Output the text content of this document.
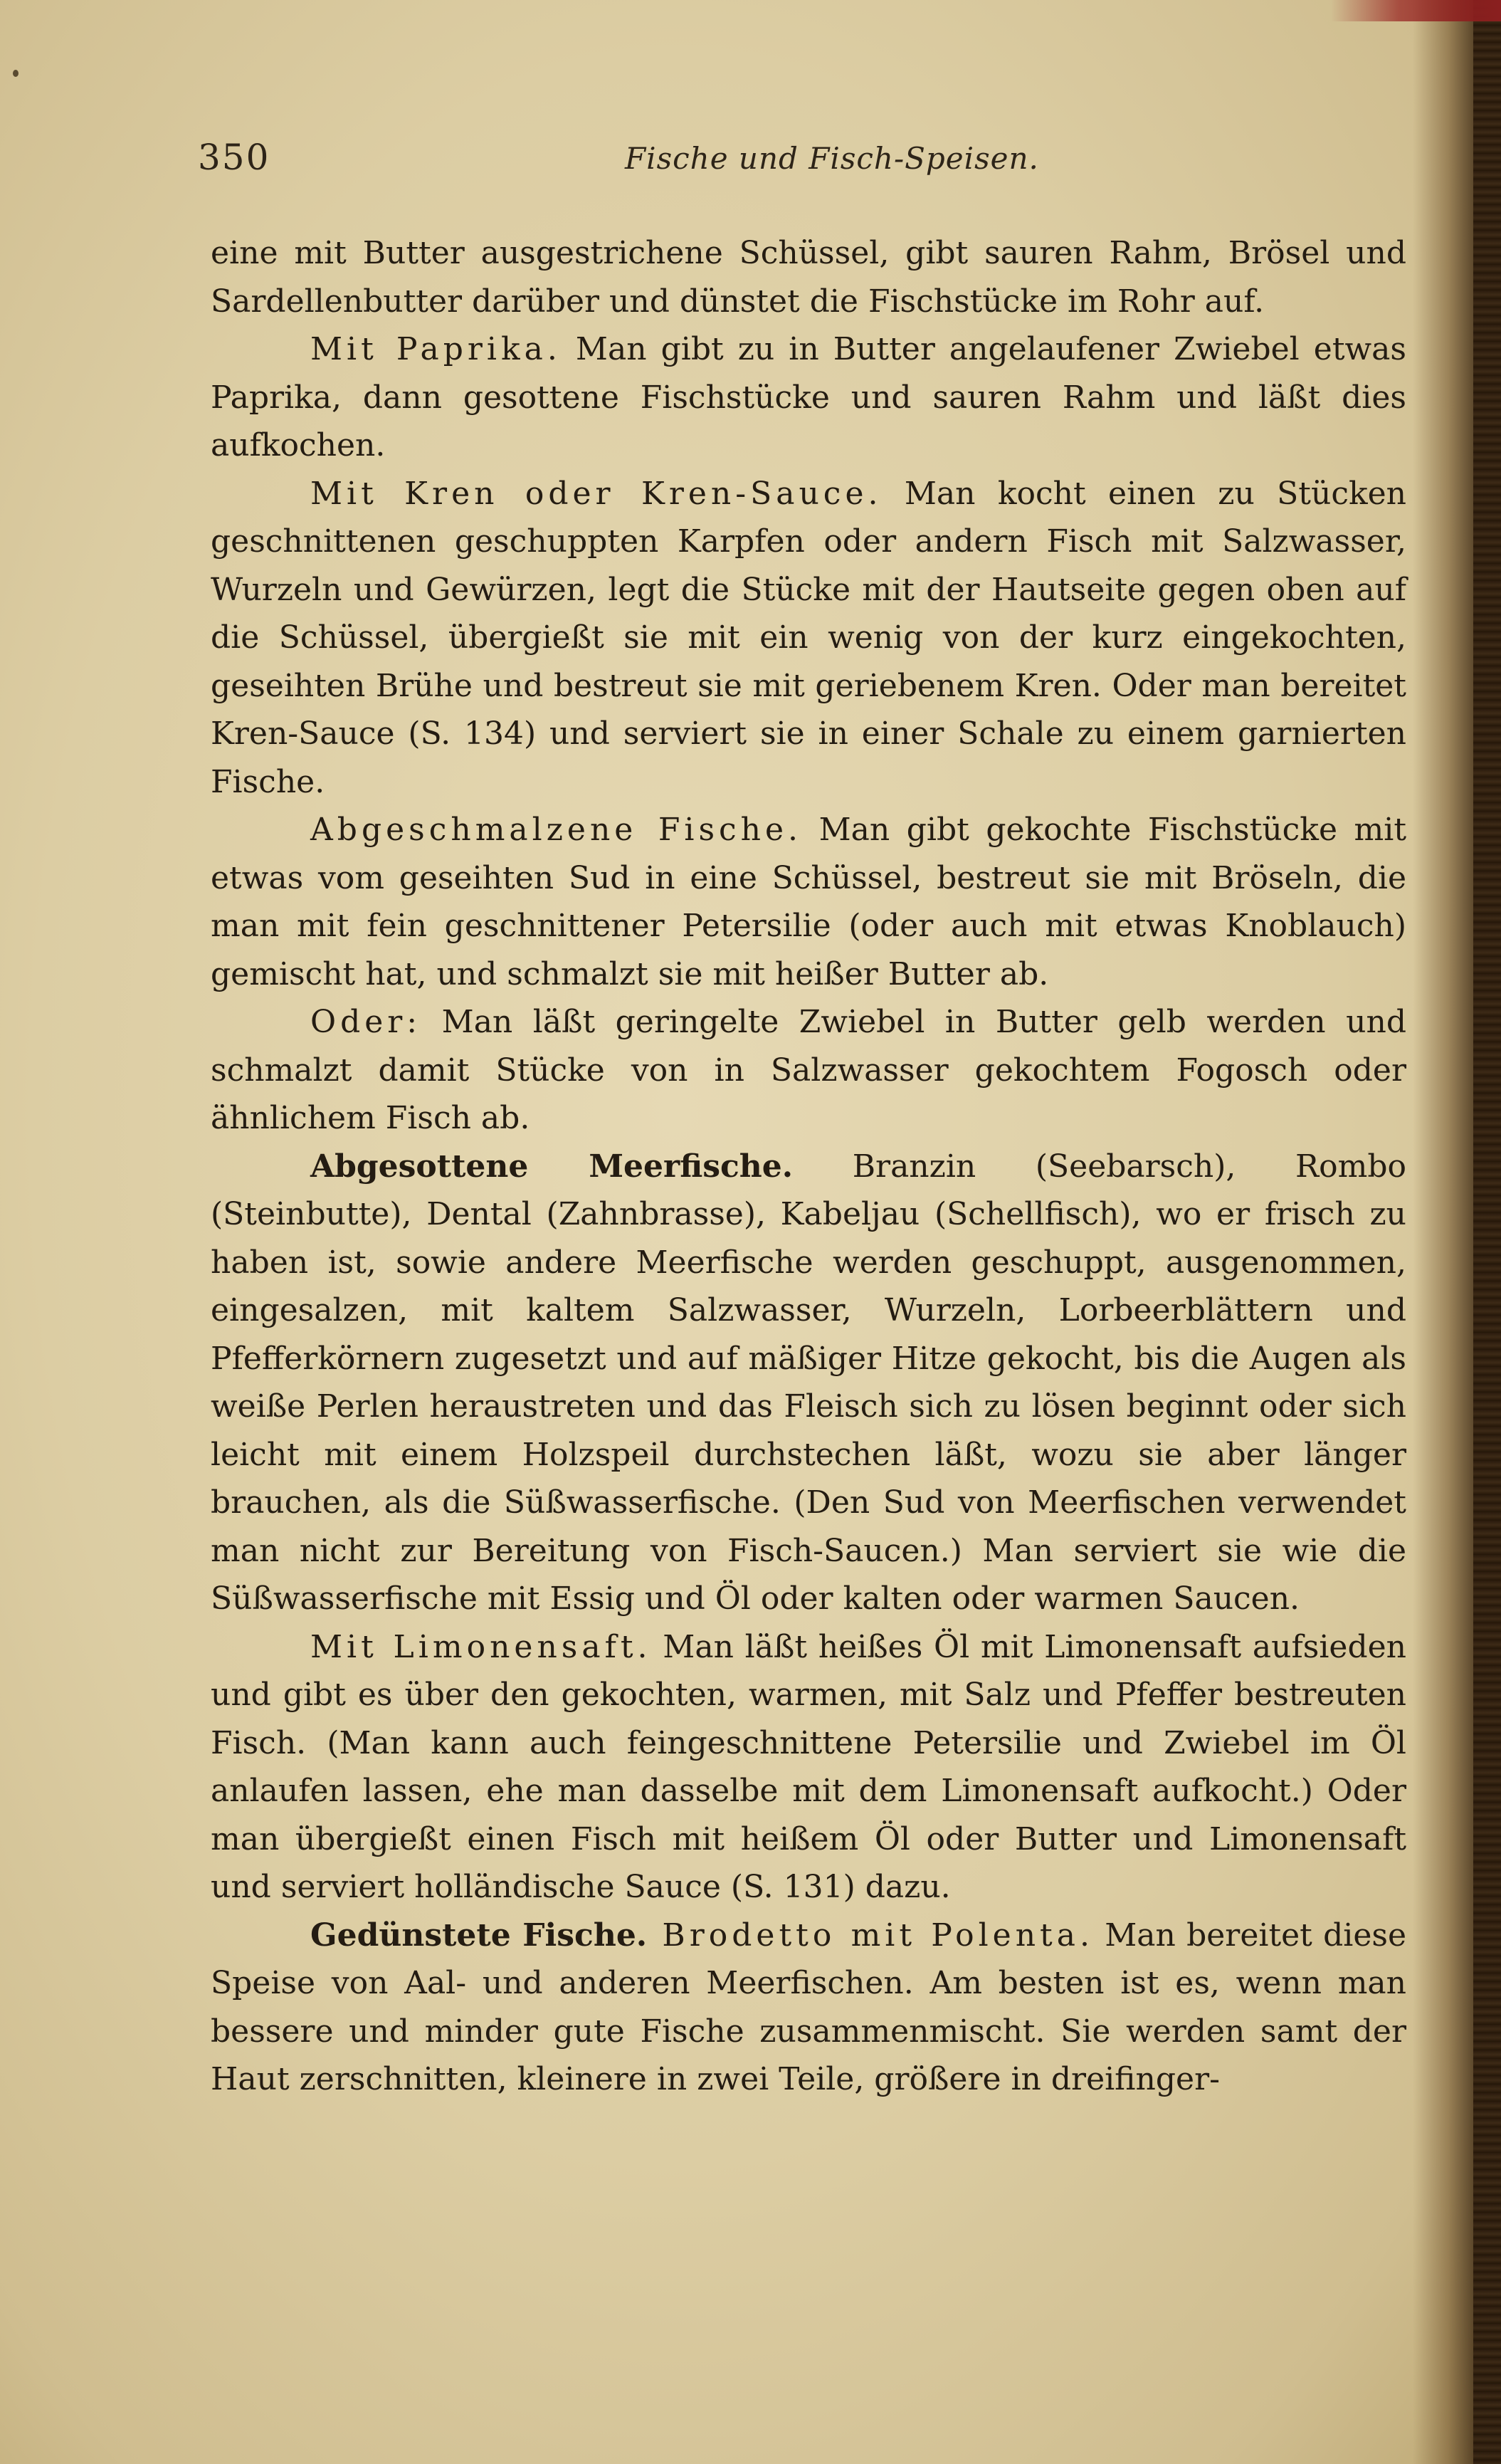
350	Fische und Fisch-Speisen.

eine mit Butter ausgestrichene Schüssel, gibt sauren Rahm, Brösel und Sardellenbutter darüber und dünstet die Fischstücke im Rohr auf.

Mit Paprika. Man gibt zu in Butter angelaufener Zwiebel etwas Paprika, dann gesottene Fischstücke und sauren Rahm und läßt dies aufkochen.

Mit Kren oder Kren-Sauce. Man kocht einen zu Stücken geschnittenen geschuppten Karpfen oder andern Fisch mit Salzwasser, Wurzeln und Gewürzen, legt die Stücke mit der Hautseite gegen oben auf die Schüssel, übergießt sie mit ein wenig von der kurz eingekochten, geseihten Brühe und bestreut sie mit geriebenem Kren. Oder man bereitet Kren-Sauce (S. 134) und serviert sie in einer Schale zu einem garnierten Fische.

Abgeschmalzene Fische. Man gibt gekochte Fischstücke mit etwas vom geseihten Sud in eine Schüssel, bestreut sie mit Bröseln, die man mit fein geschnittener Petersilie (oder auch mit etwas Knoblauch) gemischt hat, und schmalzt sie mit heißer Butter ab.

Oder: Man läßt geringelte Zwiebel in Butter gelb werden und schmalzt damit Stücke von in Salzwasser gekochtem Fogosch oder ähnlichem Fisch ab.

Abgesottene Meerfische. Branzin (Seebarsch), Rombo (Steinbutte), Dental (Zahnbrasse), Kabeljau (Schellfisch), wo er frisch zu haben ist, sowie andere Meerfische werden geschuppt, ausgenommen, eingesalzen, mit kaltem Salzwasser, Wurzeln, Lorbeerblättern und Pfefferkörnern zugesetzt und auf mäßiger Hitze gekocht, bis die Augen als weiße Perlen heraustreten und das Fleisch sich zu lösen beginnt oder sich leicht mit einem Holzspeil durchstechen läßt, wozu sie aber länger brauchen, als die Süßwasserfische. (Den Sud von Meerfischen verwendet man nicht zur Bereitung von Fisch-Saucen.) Man serviert sie wie die Süßwasserfische mit Essig und Öl oder kalten oder warmen Saucen.

Mit Limonensaft. Man läßt heißes Öl mit Limonensaft aufsieden und gibt es über den gekochten, warmen, mit Salz und Pfeffer bestreuten Fisch. (Man kann auch feingeschnittene Petersilie und Zwiebel im Öl anlaufen lassen, ehe man dasselbe mit dem Limonensaft aufkocht.) Oder man übergießt einen Fisch mit heißem Öl oder Butter und Limonensaft und serviert holländische Sauce (S. 131) dazu.

Gedünstete Fische. Brodetto mit Polenta. Man bereitet diese Speise von Aal- und anderen Meerfischen. Am besten ist es, wenn man bessere und minder gute Fische zusammenmischt. Sie werden samt der Haut zerschnitten, kleinere in zwei Teile, größere in dreifinger-
